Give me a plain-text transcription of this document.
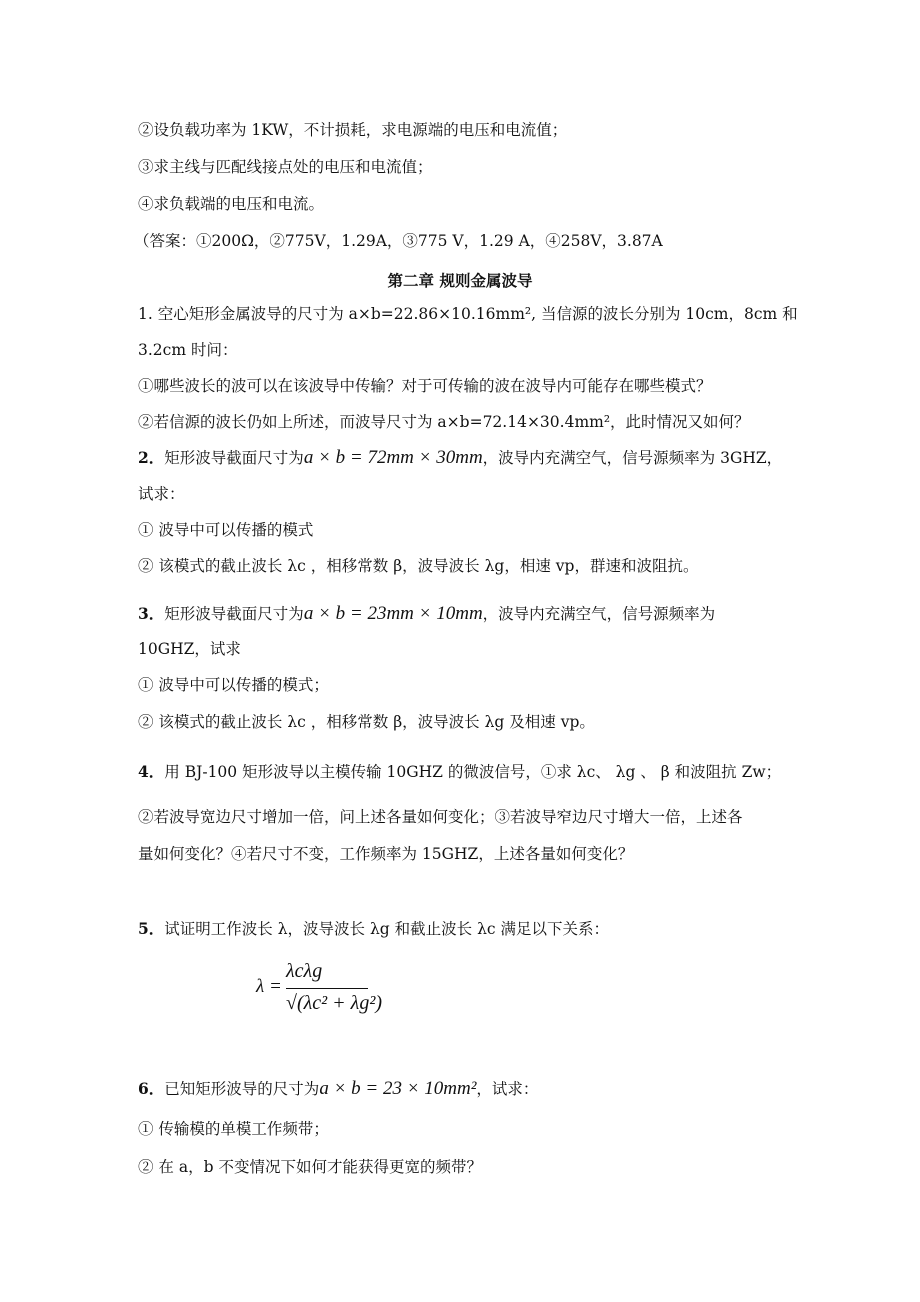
②设负载功率为 1KW，不计损耗，求电源端的电压和电流值；
③求主线与匹配线接点处的电压和电流值；
④求负载端的电压和电流。
（答案：①200Ω，②775V，1.29A，③775 V，1.29 A，④258V，3.87A
第二章 规则金属波导
1. 空心矩形金属波导的尺寸为 a×b=22.86×10.16mm², 当信源的波长分别为 10cm，8cm 和
3.2cm 时问：
①哪些波长的波可以在该波导中传输？对于可传输的波在波导内可能存在哪些模式？
②若信源的波长仍如上所述，而波导尺寸为 a×b=72.14×30.4mm²，此时情况又如何？
2．矩形波导截面尺寸为a × b = 72mm × 30mm，波导内充满空气，信号源频率为 3GHZ，
试求：
① 波导中可以传播的模式
② 该模式的截止波长 λc ，相移常数 β，波导波长 λg，相速 vp，群速和波阻抗。
3．矩形波导截面尺寸为a × b = 23mm × 10mm，波导内充满空气，信号源频率为
10GHZ，试求
① 波导中可以传播的模式；
② 该模式的截止波长 λc ，相移常数 β，波导波长 λg 及相速 vp。
4．用 BJ-100 矩形波导以主模传输 10GHZ 的微波信号，①求 λc、 λg 、 β 和波阻抗 Zw；
②若波导宽边尺寸增加一倍，问上述各量如何变化；③若波导窄边尺寸增大一倍，上述各
量如何变化？④若尺寸不变，工作频率为 15GHZ，上述各量如何变化？
5．试证明工作波长 λ，波导波长 λg 和截止波长 λc 满足以下关系：
λ =
λcλg
√(λc² + λg²)
6．已知矩形波导的尺寸为a × b = 23 × 10mm²，试求：
① 传输模的单模工作频带；
② 在 a，b 不变情况下如何才能获得更宽的频带？
